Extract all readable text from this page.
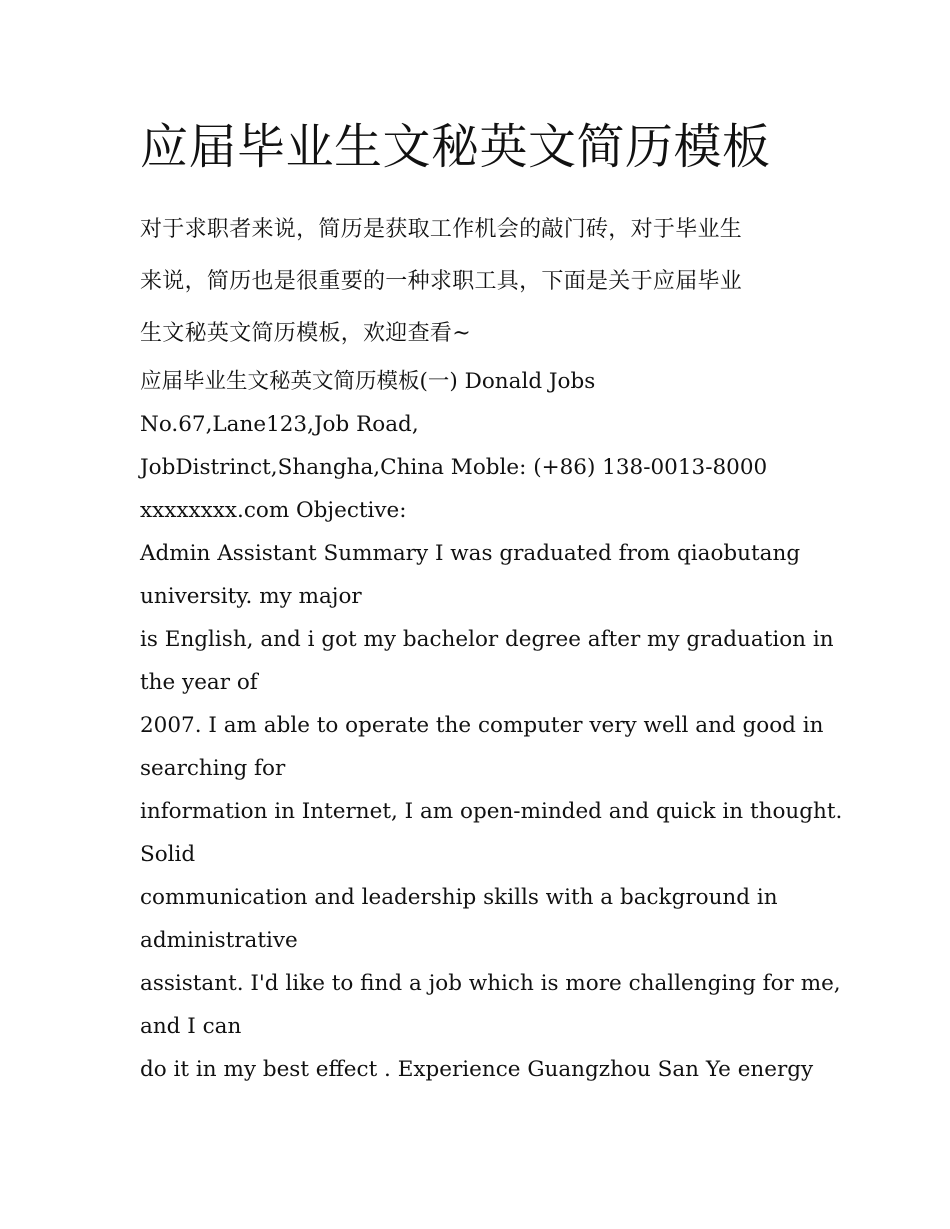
应届毕业生文秘英文简历模板
对于求职者来说，简历是获取工作机会的敲门砖，对于毕业生
来说，简历也是很重要的一种求职工具，下面是关于应届毕业
生文秘英文简历模板，欢迎查看~
应届毕业生文秘英文简历模板(一) Donald Jobs
No.67,Lane123,Job Road,
JobDistrinct,Shangha,China Moble: (+86) 138-0013-8000
xxxxxxxx.com Objective:
Admin Assistant Summary I was graduated from qiaobutang
university. my major
is English, and i got my bachelor degree after my graduation in
the year of
2007. I am able to operate the computer very well and good in
searching for
information in Internet, I am open-minded and quick in thought.
Solid
communication and leadership skills with a background in
administrative
assistant. I'd like to find a job which is more challenging for me,
and I can
do it in my best effect . Experience Guangzhou San Ye energy
